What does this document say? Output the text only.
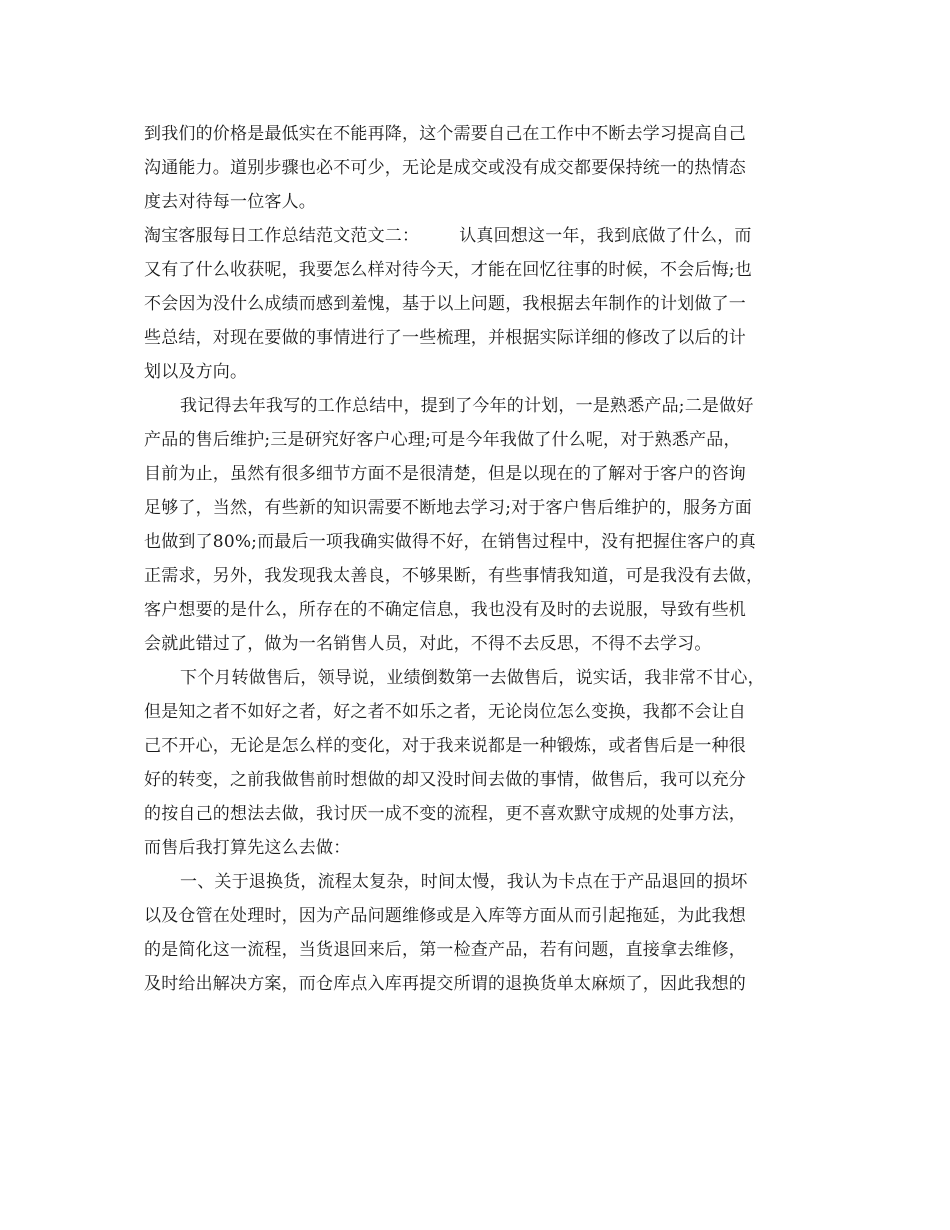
到我们的价格是最低实在不能再降，这个需要自己在工作中不断去学习提高自己
沟通能力。道别步骤也必不可少，无论是成交或没有成交都要保持统一的热情态
度去对待每一位客人。
淘宝客服每日工作总结范文范文二： 认真回想这一年，我到底做了什么，而
又有了什么收获呢，我要怎么样对待今天，才能在回忆往事的时候，不会后悔;也
不会因为没什么成绩而感到羞愧，基于以上问题，我根据去年制作的计划做了一
些总结，对现在要做的事情进行了一些梳理，并根据实际详细的修改了以后的计
划以及方向。
我记得去年我写的工作总结中，提到了今年的计划，一是熟悉产品;二是做好
产品的售后维护;三是研究好客户心理;可是今年我做了什么呢，对于熟悉产品，
目前为止，虽然有很多细节方面不是很清楚，但是以现在的了解对于客户的咨询
足够了，当然，有些新的知识需要不断地去学习;对于客户售后维护的，服务方面
也做到了80%;而最后一项我确实做得不好，在销售过程中，没有把握住客户的真
正需求，另外，我发现我太善良，不够果断，有些事情我知道，可是我没有去做，
客户想要的是什么，所存在的不确定信息，我也没有及时的去说服，导致有些机
会就此错过了，做为一名销售人员，对此，不得不去反思，不得不去学习。
下个月转做售后，领导说，业绩倒数第一去做售后，说实话，我非常不甘心，
但是知之者不如好之者，好之者不如乐之者，无论岗位怎么变换，我都不会让自
己不开心，无论是怎么样的变化，对于我来说都是一种锻炼，或者售后是一种很
好的转变，之前我做售前时想做的却又没时间去做的事情，做售后，我可以充分
的按自己的想法去做，我讨厌一成不变的流程，更不喜欢默守成规的处事方法，
而售后我打算先这么去做：
一、关于退换货，流程太复杂，时间太慢，我认为卡点在于产品退回的损坏
以及仓管在处理时，因为产品问题维修或是入库等方面从而引起拖延，为此我想
的是简化这一流程，当货退回来后，第一检查产品，若有问题，直接拿去维修，
及时给出解决方案，而仓库点入库再提交所谓的退换货单太麻烦了，因此我想的
